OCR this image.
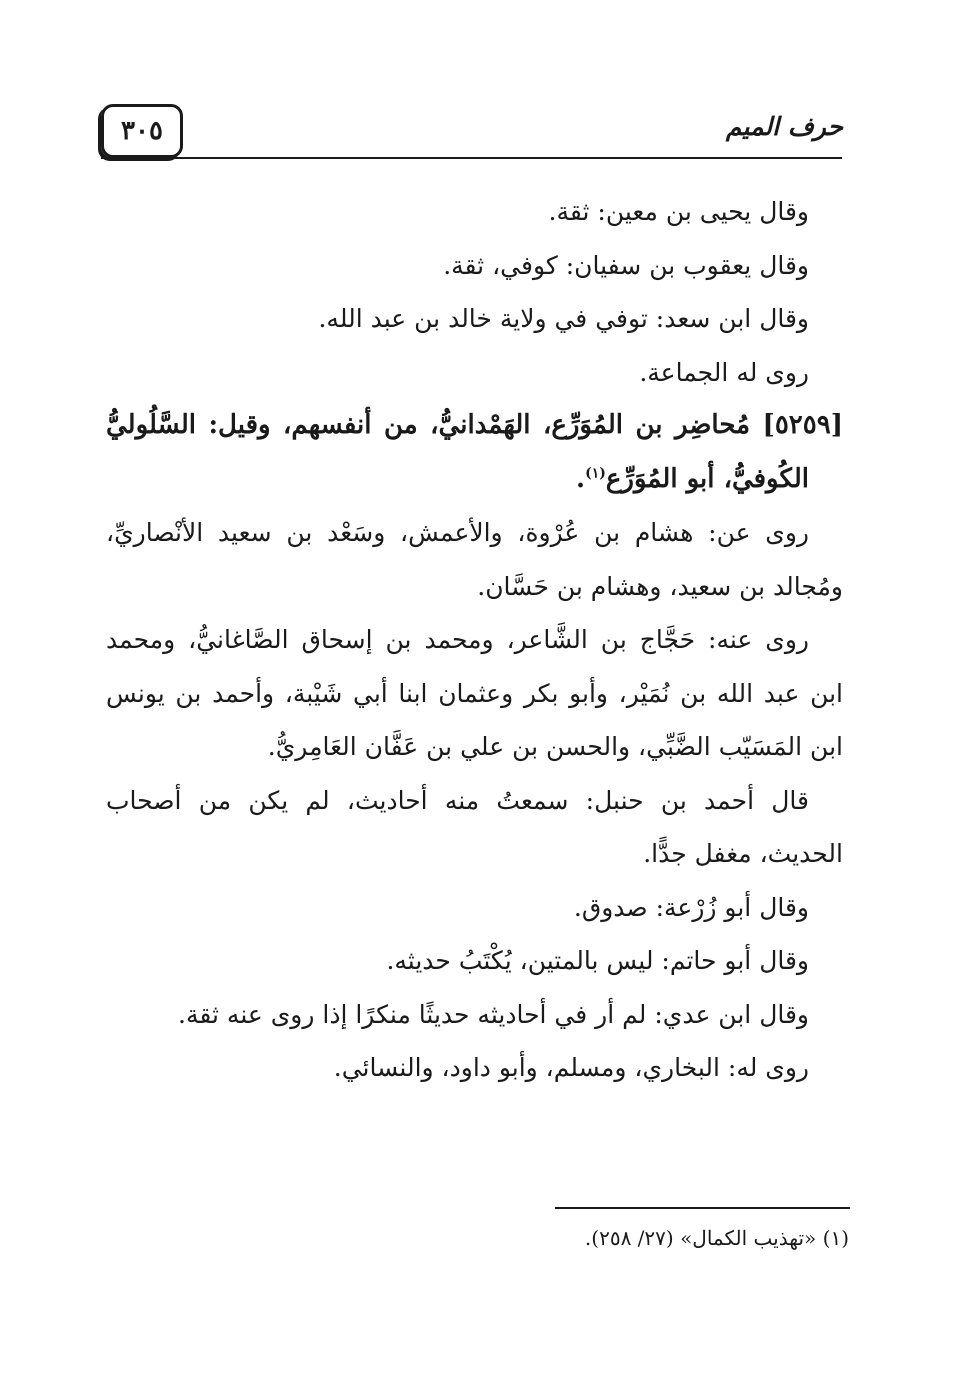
حرف الميم
٣٠٥
وقال يحيى بن معين: ثقة.
وقال يعقوب بن سفيان: كوفي، ثقة.
وقال ابن سعد: توفي في ولاية خالد بن عبد الله.
روى له الجماعة.
[٥٢٥٩] مُحاضِر بن المُوَرِّع، الهَمْدانيُّ، من أنفسهم، وقيل: السَّلُوليُّ
الكُوفيُّ، أبو المُوَرِّع$^{(١)}$.
روى عن: هشام بن عُرْوة، والأعمش، وسَعْد بن سعيد الأنْصاريِّ،
ومُجالد بن سعيد، وهشام بن حَسَّان.
روى عنه: حَجَّاج بن الشَّاعر، ومحمد بن إسحاق الصَّاغانيُّ، ومحمد
ابن عبد الله بن نُمَيْر، وأبو بكر وعثمان ابنا أبي شَيْبة، وأحمد بن يونس
ابن المَسَيّب الضَّبِّي، والحسن بن علي بن عَفَّان العَامِريُّ.
قال أحمد بن حنبل: سمعتُ منه أحاديث، لم يكن من أصحاب
الحديث، مغفل جدًّا.
وقال أبو زُرْعة: صدوق.
وقال أبو حاتم: ليس بالمتين، يُكْتَبُ حديثه.
وقال ابن عدي: لم أر في أحاديثه حديثًا منكرًا إذا روى عنه ثقة.
روى له: البخاري، ومسلم، وأبو داود، والنسائي.
(١) «تهذيب الكمال» (٢٧/ ٢٥٨).
